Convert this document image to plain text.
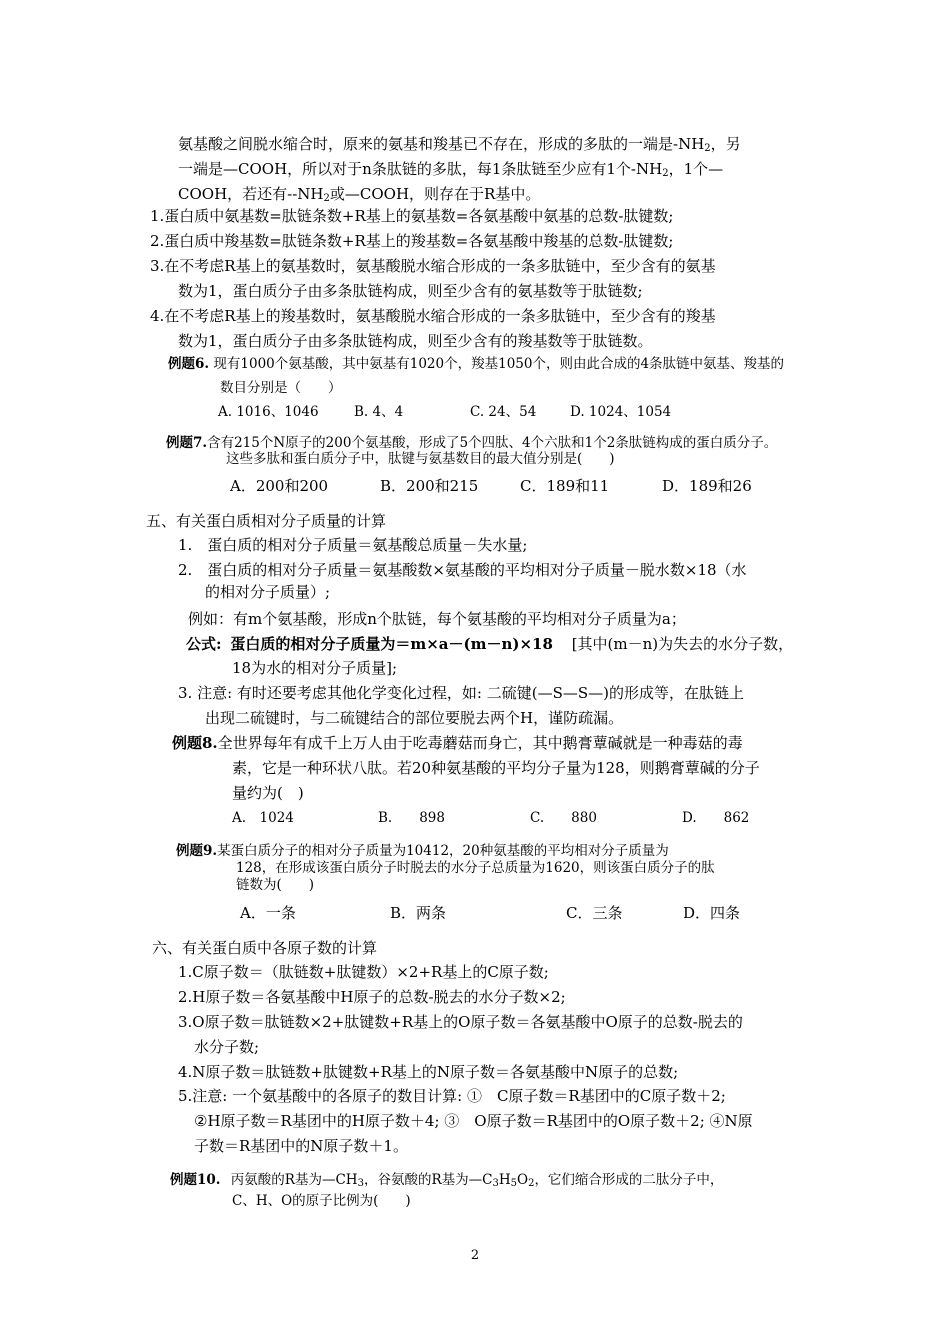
氨基酸之间脱水缩合时，原来的氨基和羧基已不存在，形成的多肽的一端是$-NH_2$，另
一端是—COOH，所以对于n条肽链的多肽，每1条肽链至少应有1个$-NH_2$，1个—
COOH，若还有$--NH_2$或—COOH，则存在于R基中。
1.蛋白质中氨基数=肽链条数+R基上的氨基数=各氨基酸中氨基的总数-肽键数;
2.蛋白质中羧基数=肽链条数+R基上的羧基数=各氨基酸中羧基的总数-肽键数;
3.在不考虑R基上的氨基数时，氨基酸脱水缩合形成的一条多肽链中，至少含有的氨基
数为1，蛋白质分子由多条肽链构成，则至少含有的氨基数等于肽链数;
4.在不考虑R基上的羧基数时，氨基酸脱水缩合形成的一条多肽链中，至少含有的羧基
数为1，蛋白质分子由多条肽链构成，则至少含有的羧基数等于肽链数。
例题6. 现有1000个氨基酸，其中氨基有1020个，羧基1050个，则由此合成的4条肽链中氨基、羧基的
数目分别是（　　）
A. 1016、1046	B. 4、4	C. 24、54 D. 1024、1054
例题7.含有215个N原子的200个氨基酸，形成了5个四肽、4个六肽和1个2条肽链构成的蛋白质分子。
这些多肽和蛋白质分子中，肽键与氨基数目的最大值分别是(　　)
A．200和200	B．200和215	C．189和11	D．189和26
五、有关蛋白质相对分子质量的计算
1.　蛋白质的相对分子质量＝氨基酸总质量－失水量;
2.　蛋白质的相对分子质量＝氨基酸数×氨基酸的平均相对分子质量－脱水数×18（水
的相对分子质量）;
例如：有m个氨基酸，形成n个肽链，每个氨基酸的平均相对分子质量为a；
公式: 蛋白质的相对分子质量为＝m×a－(m－n)×18 [其中(m－n)为失去的水分子数，
18为水的相对分子质量];
3. 注意: 有时还要考虑其他化学变化过程，如: 二硫键(—S—S—)的形成等，在肽链上
出现二硫键时，与二硫键结合的部位要脱去两个H，谨防疏漏。
例题8.全世界每年有成千上万人由于吃毒蘑菇而身亡，其中鹅膏蕈碱就是一种毒菇的毒
素，它是一种环状八肽。若20种氨基酸的平均分子量为128，则鹅膏蕈碱的分子
量约为(　)
A.　1024	B.　　898	C.　　880	D.　　862
例题9.某蛋白质分子的相对分子质量为10412，20种氨基酸的平均相对分子质量为
128，在形成该蛋白质分子时脱去的水分子总质量为1620，则该蛋白质分子的肽
链数为(　　)
A．一条	B．两条	C．三条	D．四条
六、有关蛋白质中各原子数的计算
1.C原子数＝（肽链数+肽键数）×2+R基上的C原子数;
2.H原子数＝各氨基酸中H原子的总数-脱去的水分子数×2;
3.O原子数＝肽链数×2+肽键数+R基上的O原子数＝各氨基酸中O原子的总数-脱去的
水分子数;
4.N原子数＝肽链数+肽键数+R基上的N原子数＝各氨基酸中N原子的总数;
5.注意: 一个氨基酸中的各原子的数目计算: ①　C原子数＝R基团中的C原子数＋2;
②H原子数＝R基团中的H原子数＋4; ③　O原子数＝R基团中的O原子数＋2; ④N原
子数＝R基团中的N原子数＋1。
例题10. 丙氨酸的R基为$—CH_3$，谷氨酸的R基为$—C_3H_5O_2$，它们缩合形成的二肽分子中，
C、H、O的原子比例为(　　)
2
